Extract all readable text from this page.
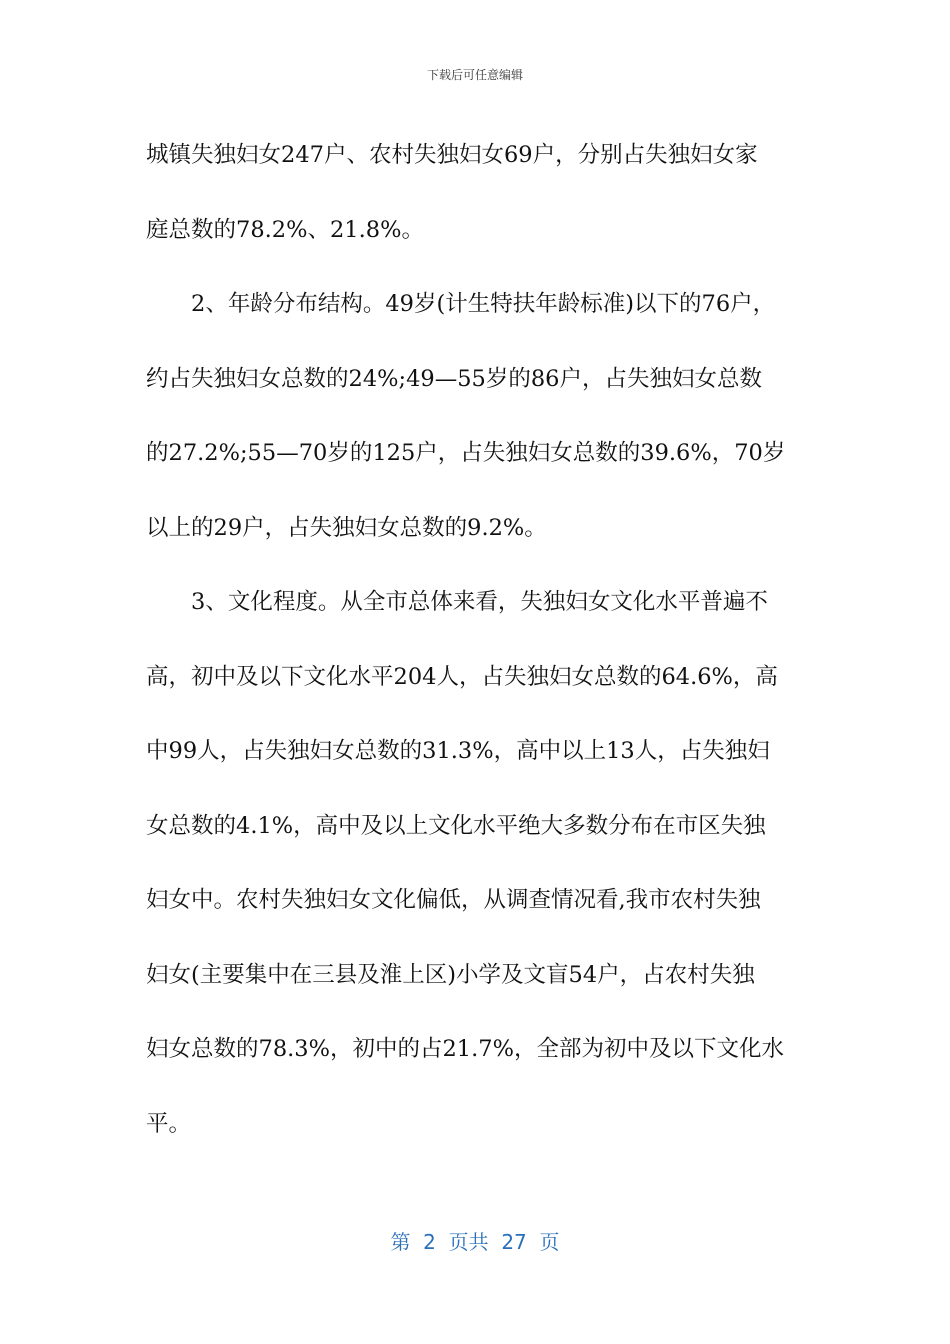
下载后可任意编辑
城镇失独妇女247户、农村失独妇女69户，分别占失独妇女家
庭总数的78.2%、21.8%。
2、年龄分布结构。49岁(计生特扶年龄标准)以下的76户，
约占失独妇女总数的24%;49—55岁的86户，占失独妇女总数
的27.2%;55—70岁的125户，占失独妇女总数的39.6%，70岁
以上的29户，占失独妇女总数的9.2%。
3、文化程度。从全市总体来看，失独妇女文化水平普遍不
高，初中及以下文化水平204人，占失独妇女总数的64.6%，高
中99人，占失独妇女总数的31.3%，高中以上13人，占失独妇
女总数的4.1%，高中及以上文化水平绝大多数分布在市区失独
妇女中。农村失独妇女文化偏低，从调查情况看,我市农村失独
妇女(主要集中在三县及淮上区)小学及文盲54户，占农村失独
妇女总数的78.3%，初中的占21.7%，全部为初中及以下文化水
平。
第  2  页共  27  页
